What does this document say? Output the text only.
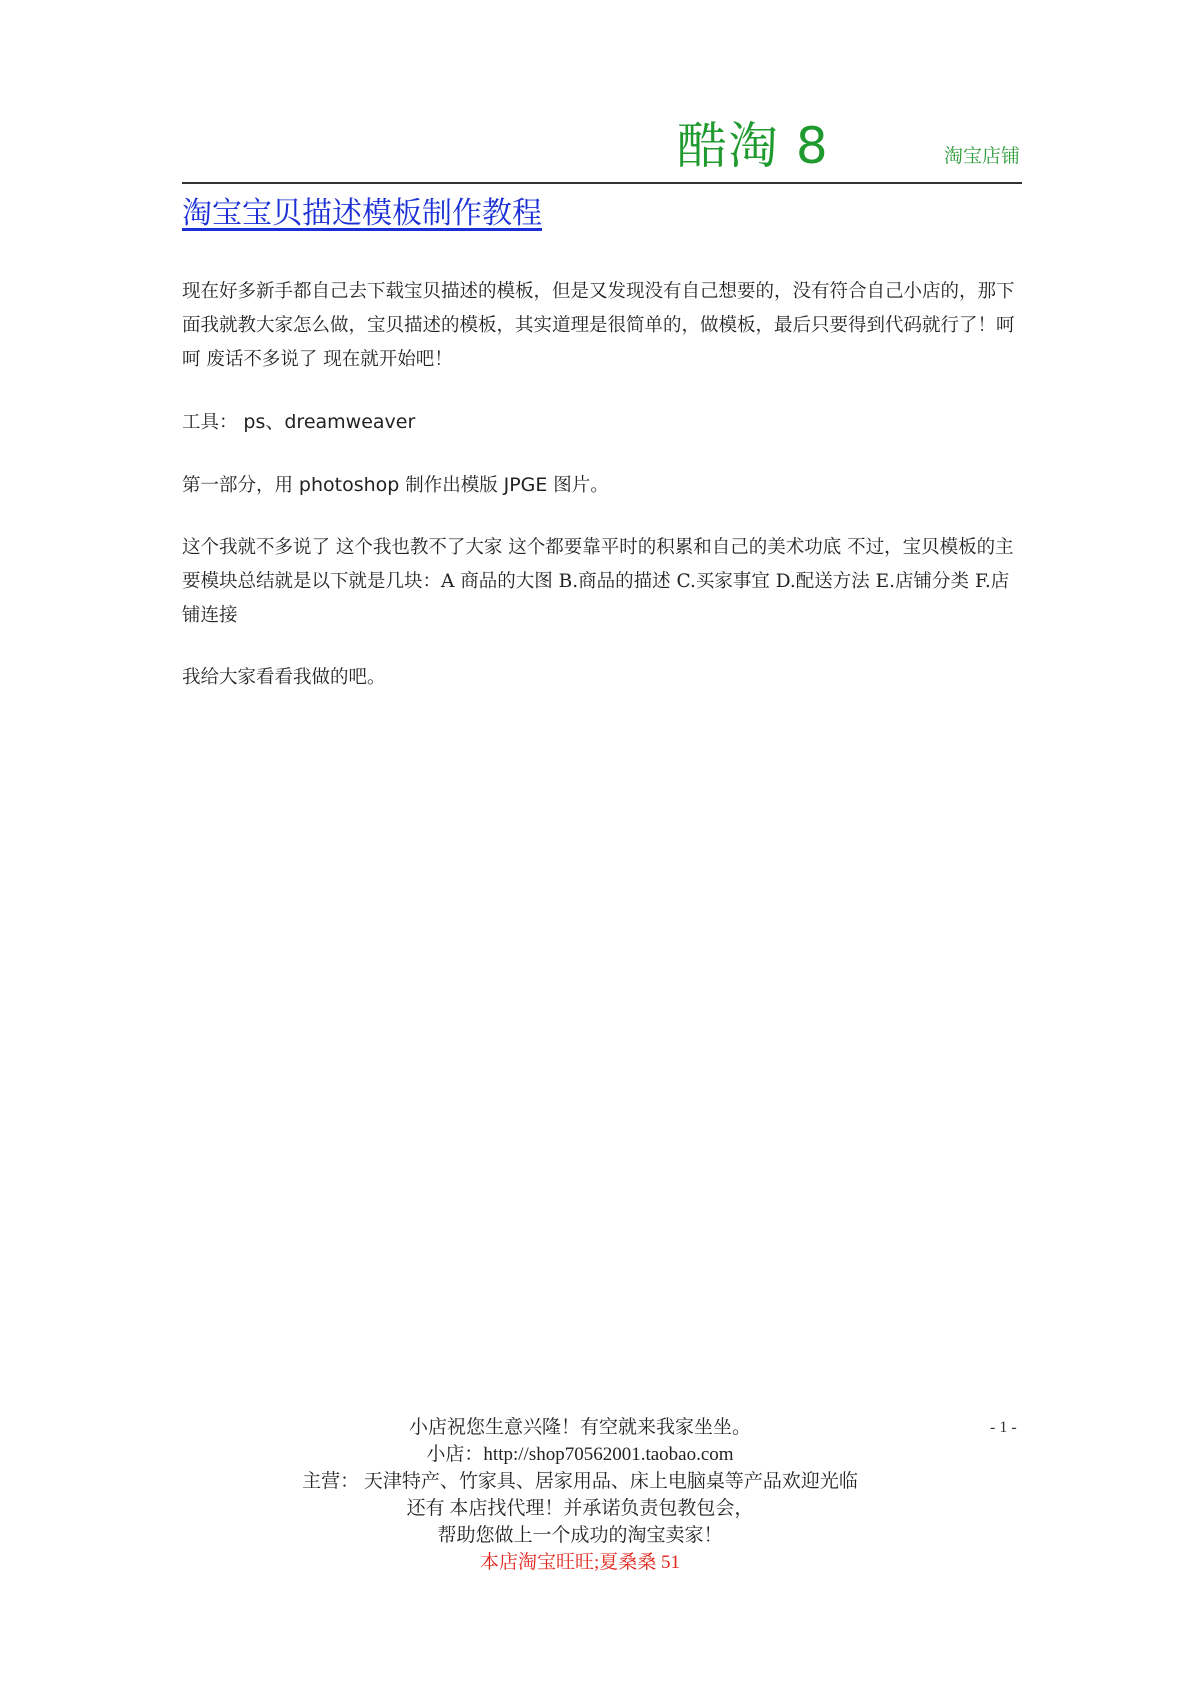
酷淘 8	淘宝店铺
淘宝宝贝描述模板制作教程

现在好多新手都自己去下载宝贝描述的模板，但是又发现没有自己想要的，没有符合自己小店的，那下面我就教大家怎么做，宝贝描述的模板，其实道理是很简单的，做模板，最后只要得到代码就行了！呵呵 废话不多说了 现在就开始吧！

工具： ps、dreamweaver

第一部分，用 photoshop 制作出模版 JPGE 图片。

这个我就不多说了 这个我也教不了大家 这个都要靠平时的积累和自己的美术功底 不过，宝贝模板的主要模块总结就是以下就是几块：A 商品的大图 B.商品的描述 C.买家事宜 D.配送方法 E.店铺分类 F.店铺连接

我给大家看看我做的吧。

小店祝您生意兴隆！有空就来我家坐坐。
小店：http://shop70562001.taobao.com
主营： 天津特产、竹家具、居家用品、床上电脑桌等产品欢迎光临
还有 本店找代理！并承诺负责包教包会，
帮助您做上一个成功的淘宝卖家！
本店淘宝旺旺;夏桑桑 51
- 1 -
